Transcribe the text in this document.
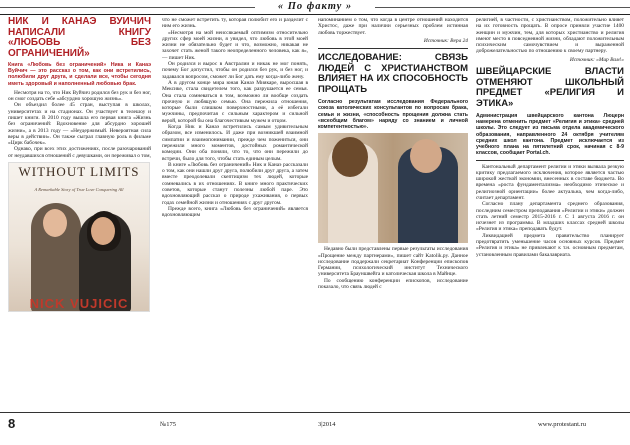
« По факту »
НИК И КАНАЭ ВУЙЧИЧ НАПИСАЛИ КНИГУ «ЛЮБОВЬ БЕЗ ОГРАНИЧЕНИЙ»
Книга «Любовь без ограничений» Ника и Канаэ Вуйчич — это рассказ о том, как они встретились, полюбили друг друга, и сделали все, чтобы сегодня иметь здоровый и наполненный любовью брак.

Несмотря на то, что Ник Вуйчич родился без рук и без ног, он смог создать себе «абсурдно хорошую жизнь».

Он объездил более 45 стран, выступая в школах, университетах и на стадионах. Он участвует в телешоу и пишет книги. В 2010 году вышла его первая книга «Жизнь без ограничений: Вдохновение для абсурдно хорошей жизни», а в 2013 году — «Неудержимый. Невероятная сила веры в действии». Он также сыграл главную роль в фильме «Цирк бабочек».

Однако, при всех этих достижениях, после разочарований от неудавшихся отношений с девушками, он переживал о том,

WITHOUT LIMITS
A Remarkable Story of True Love Conquering All
NICK VUJICIC

что не сможет встретить ту, которая полюбит его и разделит с ним его жизнь.

«Несмотря на мой неиссякаемый оптимизм относительно других сфер моей жизни, я увидел, что любовь в этой моей жизни не обязательно будет и что, возможно, никакая не захочет стать женой такого неопределенного человека, как я», — пишет Ник.

Он родился и вырос в Австралии и никак не мог понять, почему Бог допустил, чтобы он родился без рук, и без ног, и задавался вопросом, сможет ли Бог дать ему когда-либо жену.

А в другом конце мира юная Канаэ Миякаре, выросшая в Мексике, стала свидетелем того, как разрушается ее семья. Она стала сомневаться в том, возможно ли вообще создать прочную и любящую семью. Она пережила отношения, которые были слишком поверхностными, а её избегали мужчины, предпочитая с сильным характером и сильной верой, которой бы она благочестивым мужем и отцом.

Когда Ник и Канаэ встретились самым удивительным образом, все изменилось. И даже при возникшей взаимной симпатии и взаимопонимании, прежде чем пожениться, они пережили много моментов, достойных романтической комедии. Они оба поняли, что то, что они пережили до встречи, было для того, чтобы стать единым целым.

В книге «Любовь без ограничений» Ник и Канаэ рассказали о том, как они нашли друг друга, полюбили друг друга, а затем вместе преодолевали скептицизм тех людей, которые сомневались в их отношениях. В книге много практических советов, которые станут полезны любой паре. Это вдохновляющий рассказ о природе ухаживания, о первых годах семейной жизни и отношениях с друг другом.

Прежде всего, книга «Любовь без ограничений» является вдохновляющим

напоминанием о том, что когда в центре отношений находится Христос, даже при наличии серьезных проблем истинная любовь торжествует.

Источник: Вера 24
ИССЛЕДОВАНИЕ: СВЯЗЬ ЛЮДЕЙ С ХРИСТИАНСТВОМ ВЛИЯЕТ НА ИХ СПОСОБНОСТЬ ПРОЩАТЬ
Согласно результатам исследования Федерального союза католических консультантов по вопросам брака, семьи и жизни, «способность прощения должна стать «всеобщим благом» наряду со знанием и личной компетентностью».

Недавно были представлены первые результаты исследования «Прощение между партнерами», пишет сайт Katolik.ру. Данное исследование поддержали секретариат Конференции епископов Германии, психологический институт Технического университета Брауншвейга и католическая школа в Майнце.

По сообщению конференции епископов, исследование показало, что связь людей с

религией, в частности, с христианством, положительно влияет на их готовность прощать. В опросе приняли участие 1400 женщин и мужчин, тем, для которых христианство и религия имеют место в повседневной жизни, обладают положительным психическим самочувствием и выраженной доброжелательностью по отношению к своему партнеру.

Источник: «Мир Вам!»
ШВЕЙЦАРСКИЕ ВЛАСТИ ОТМЕНЯЮТ ШКОЛЬНЫЙ ПРЕДМЕТ «РЕЛИГИЯ И ЭТИКА»
Администрация швейцарского кантона Люцерн намерена отменить предмет «Религия и этика» средней школы. Это следует из письма отдела академического образования, направленного 24 октября учителям средних школ кантона. Предмет исключается из учебного плана на пятилетний срок, начиная с 8-9 классов, сообщает Portal.ch.

Кантональный департамент религии и этики вызвала резкую критику предлагаемого исключения, которое является частью широкой жесткой экономии, внесенных в составе бюджета. Во времена «роста фундаментализма» необходимо этическое и религиозной ориентации» более актуальна, чем когда-либо, считает департамент.

Согласно плану департамента среднего образования, последним семестром преподавания «Религии и этики» должен стать летний семестр 2015-2016 г. С 1 августа 2016 г. он исчезнет из программы. В младших классах средней школы «Религия и этика» преподавать будут.

Ликвидацией предмета правительство планирует предотвратить уменьшение часов основных курсов. Предмет «Религия и этика» не привлекают к т.н. основным предметам, установленным правилами бакалавриата.

8	№175	3|2014	www.protestant.ru
